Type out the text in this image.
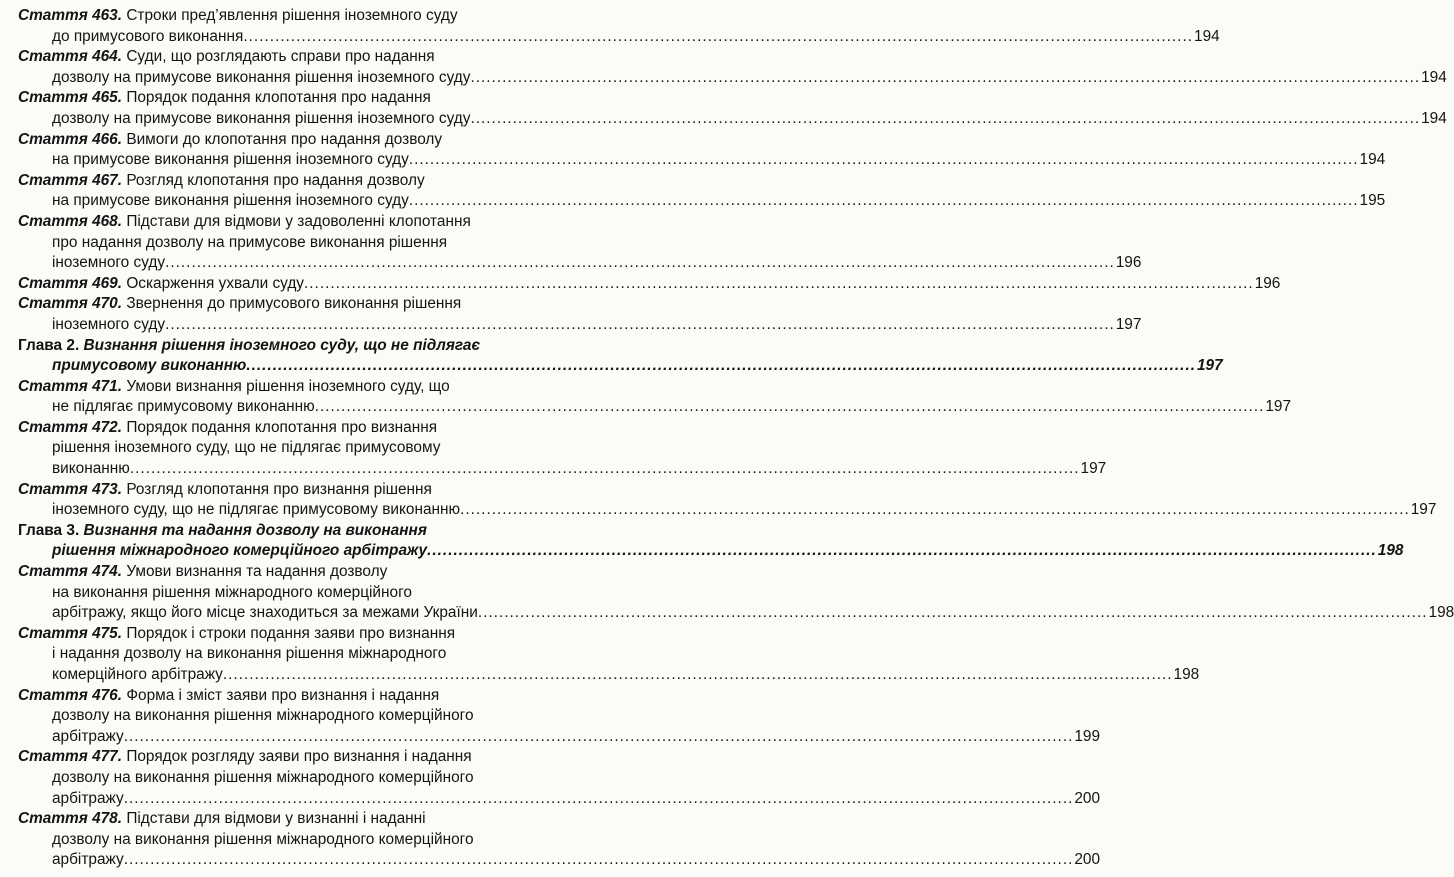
Стаття 463. Строки пред’явлення рішення іноземного суду
до примусового виконання .....	194
Стаття 464. Суди, що розглядають справи про надання
дозволу на примусове виконання рішення іноземного суду .....	194
Стаття 465. Порядок подання клопотання про надання
дозволу на примусове виконання рішення іноземного суду .....	194
Стаття 466. Вимоги до клопотання про надання дозволу
на примусове виконання рішення іноземного суду .....	194
Стаття 467. Розгляд клопотання про надання дозволу
на примусове виконання рішення іноземного суду .....	195
Стаття 468. Підстави для відмови у задоволенні клопотання
про надання дозволу на примусове виконання рішення
іноземного суду .....	196
Стаття 469. Оскарження ухвали суду .....	196
Стаття 470. Звернення до примусового виконання рішення
іноземного суду .....	197
Глава 2. Визнання рішення іноземного суду, що не підлягає
примусовому виконанню .....	197
Стаття 471. Умови визнання рішення іноземного суду, що
не підлягає примусовому виконанню .....	197
Стаття 472. Порядок подання клопотання про визнання
рішення іноземного суду, що не підлягає примусовому
виконанню .....	197
Стаття 473. Розгляд клопотання про визнання рішення
іноземного суду, що не підлягає примусовому виконанню .....	197
Глава 3. Визнання та надання дозволу на виконання
рішення міжнародного комерційного арбітражу .....	198
Стаття 474. Умови визнання та надання дозволу
на виконання рішення міжнародного комерційного
арбітражу, якщо його місце знаходиться за межами України .....	198
Стаття 475. Порядок і строки подання заяви про визнання
і надання дозволу на виконання рішення міжнародного
комерційного арбітражу .....	198
Стаття 476. Форма і зміст заяви про визнання і надання
дозволу на виконання рішення міжнародного комерційного
арбітражу .....	199
Стаття 477. Порядок розгляду заяви про визнання і надання
дозволу на виконання рішення міжнародного комерційного
арбітражу .....	200
Стаття 478. Підстави для відмови у визнанні і наданні
дозволу на виконання рішення міжнародного комерційного
арбітражу .....	200
